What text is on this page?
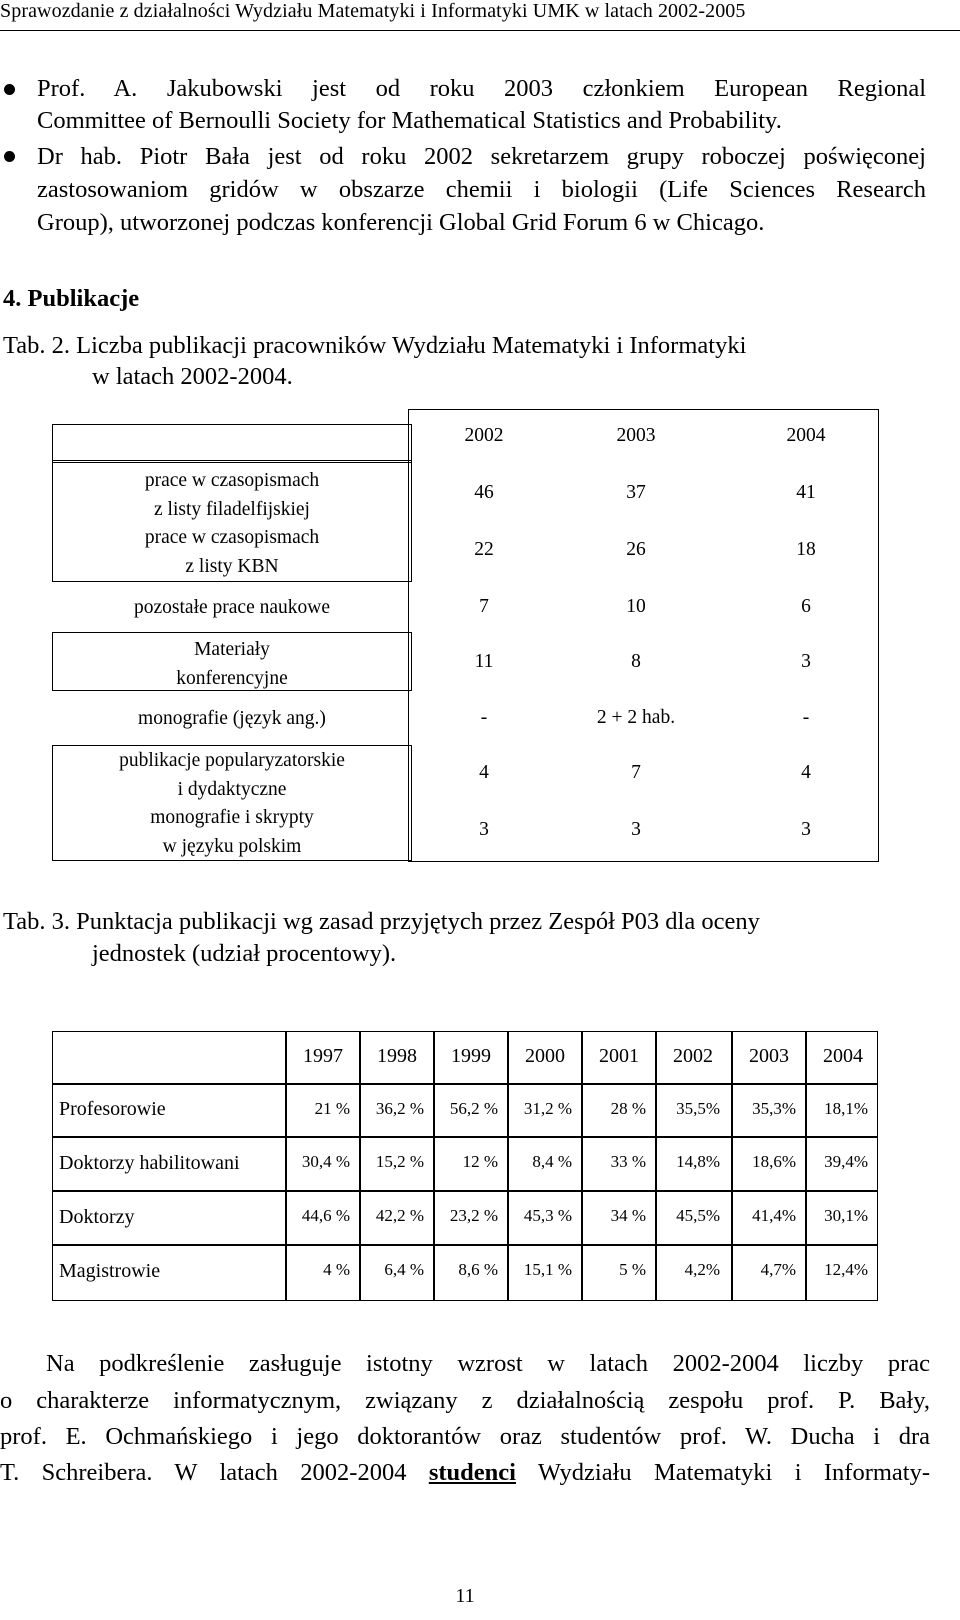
Sprawozdanie z działalności Wydziału Matematyki i Informatyki UMK w latach 2002-2005
Prof. A. Jakubowski jest od roku 2003 członkiem European Regional
Committee of Bernoulli Society for Mathematical Statistics and Probability.
Dr hab. Piotr Bała jest od roku 2002 sekretarzem grupy roboczej poświęconej
zastosowaniom gridów w obszarze chemii i biologii (Life Sciences Research
Group), utworzonej podczas konferencji Global Grid Forum 6 w Chicago.
4. Publikacje
Tab. 2. Liczba publikacji pracowników Wydziału Matematyki i Informatyki
w latach 2002-2004.
2002	2003	2004
prace w czasopismach
z listy filadelfijskiej
46	37	41
prace w czasopismach
z listy KBN
22	26	18
pozostałe prace naukowe	7	10	6
Materiały
konferencyjne
11	8	3
monografie (język ang.)	-	2 + 2 hab.	-
publikacje popularyzatorskie
i dydaktyczne
4	7	4
monografie i skrypty
w języku polskim
3	3	3
Tab. 3. Punktacja publikacji wg zasad przyjętych przez Zespół P03 dla oceny
jednostek (udział procentowy).
1997	1998	1999	2000	2001	2002	2003	2004
Profesorowie	21 % 36,2 % 56,2 % 31,2 % 28 % 35,5% 35,3% 18,1%
Doktorzy habilitowani	30,4 % 15,2 % 12 % 8,4 % 33 % 14,8% 18,6% 39,4%
Doktorzy	44,6 % 42,2 % 23,2 % 45,3 % 34 % 45,5% 41,4% 30,1%
Magistrowie	4 % 6,4 % 8,6 % 15,1 %	5 % 4,2% 4,7% 12,4%
Na podkreślenie zasługuje istotny wzrost w latach 2002-2004 liczby prac
o charakterze informatycznym, związany z działalnością zespołu prof. P. Bały,
prof. E. Ochmańskiego i jego doktorantów oraz studentów prof. W. Ducha i dra
T. Schreibera. W latach 2002-2004 studenci Wydziału Matematyki i Informaty-
11
